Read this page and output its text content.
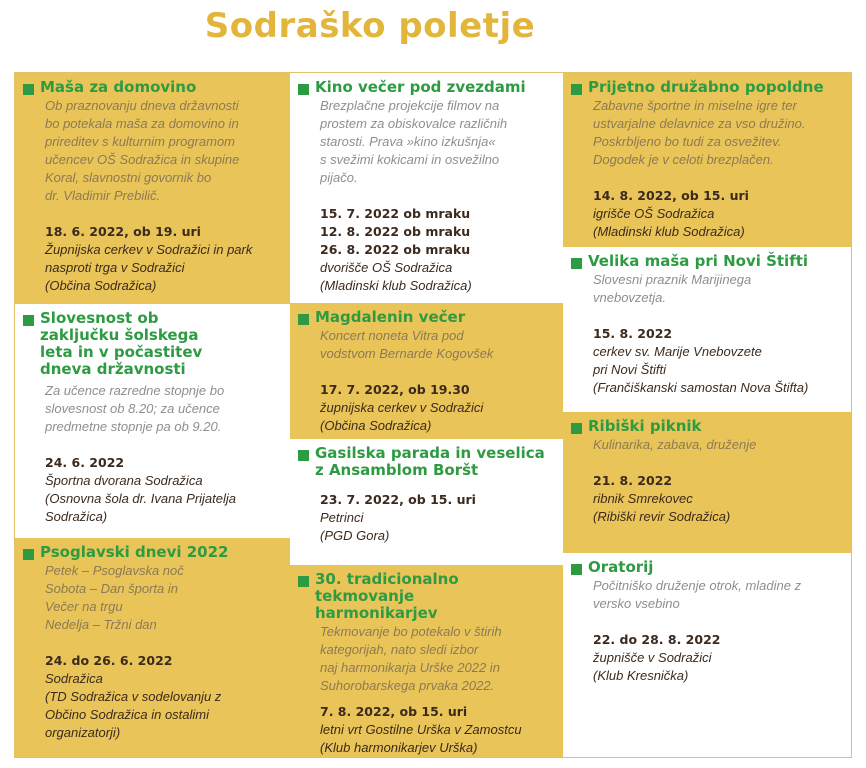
Sodraško poletje
Maša za domovino
Ob praznovanju dneva državnosti
bo potekala maša za domovino in
prireditev s kulturnim programom
učencev OŠ Sodražica in skupine
Koral, slavnostni govornik bo
dr. Vladimir Prebilič.
18. 6. 2022, ob 19. uri
Župnijska cerkev v Sodražici in park
nasproti trga v Sodražici
(Občina Sodražica)
Slovesnost ob
zaključku šolskega
leta in v počastitev
dneva državnosti
Za učence razredne stopnje bo
slovesnost ob 8.20; za učence
predmetne stopnje pa ob 9.20.
24. 6. 2022
Športna dvorana Sodražica
(Osnovna šola dr. Ivana Prijatelja
Sodražica)
Psoglavski dnevi 2022
Petek – Psoglavska noč
Sobota – Dan športa in
Večer na trgu
Nedelja – Tržni dan
24. do 26. 6. 2022
Sodražica
(TD Sodražica v sodelovanju z
Občino Sodražica in ostalimi
organizatorji)
Kino večer pod zvezdami
Brezplačne projekcije filmov na
prostem za obiskovalce različnih
starosti. Prava »kino izkušnja«
s svežimi kokicami in osvežilno
pijačo.
15. 7. 2022 ob mraku
12. 8. 2022 ob mraku
26. 8. 2022 ob mraku
dvorišče OŠ Sodražica
(Mladinski klub Sodražica)
Magdalenin večer
Koncert noneta Vitra pod
vodstvom Bernarde Kogovšek
17. 7. 2022, ob 19.30
župnijska cerkev v Sodražici
(Občina Sodražica)
Gasilska parada in veselica
z Ansamblom Boršt
23. 7. 2022, ob 15. uri
Petrinci
(PGD Gora)
30. tradicionalno
tekmovanje
harmonikarjev
Tekmovanje bo potekalo v štirih
kategorijah, nato sledi izbor
naj harmonikarja Urške 2022 in
Suhorobarskega prvaka 2022.
7. 8. 2022, ob 15. uri
letni vrt Gostilne Urška v Zamostcu
(Klub harmonikarjev Urška)
Prijetno družabno popoldne
Zabavne športne in miselne igre ter
ustvarjalne delavnice za vso družino.
Poskrbljeno bo tudi za osvežitev.
Dogodek je v celoti brezplačen.
14. 8. 2022, ob 15. uri
igrišče OŠ Sodražica
(Mladinski klub Sodražica)
Velika maša pri Novi Štifti
Slovesni praznik Marijinega
vnebovzetja.
15. 8. 2022
cerkev sv. Marije Vnebovzete
pri Novi Štifti
(Frančiškanski samostan Nova Štifta)
Ribiški piknik
Kulinarika, zabava, druženje
21. 8. 2022
ribnik Smrekovec
(Ribiški revir Sodražica)
Oratorij
Počitniško druženje otrok, mladine z
versko vsebino
22. do 28. 8. 2022
župnišče v Sodražici
(Klub Kresnička)
